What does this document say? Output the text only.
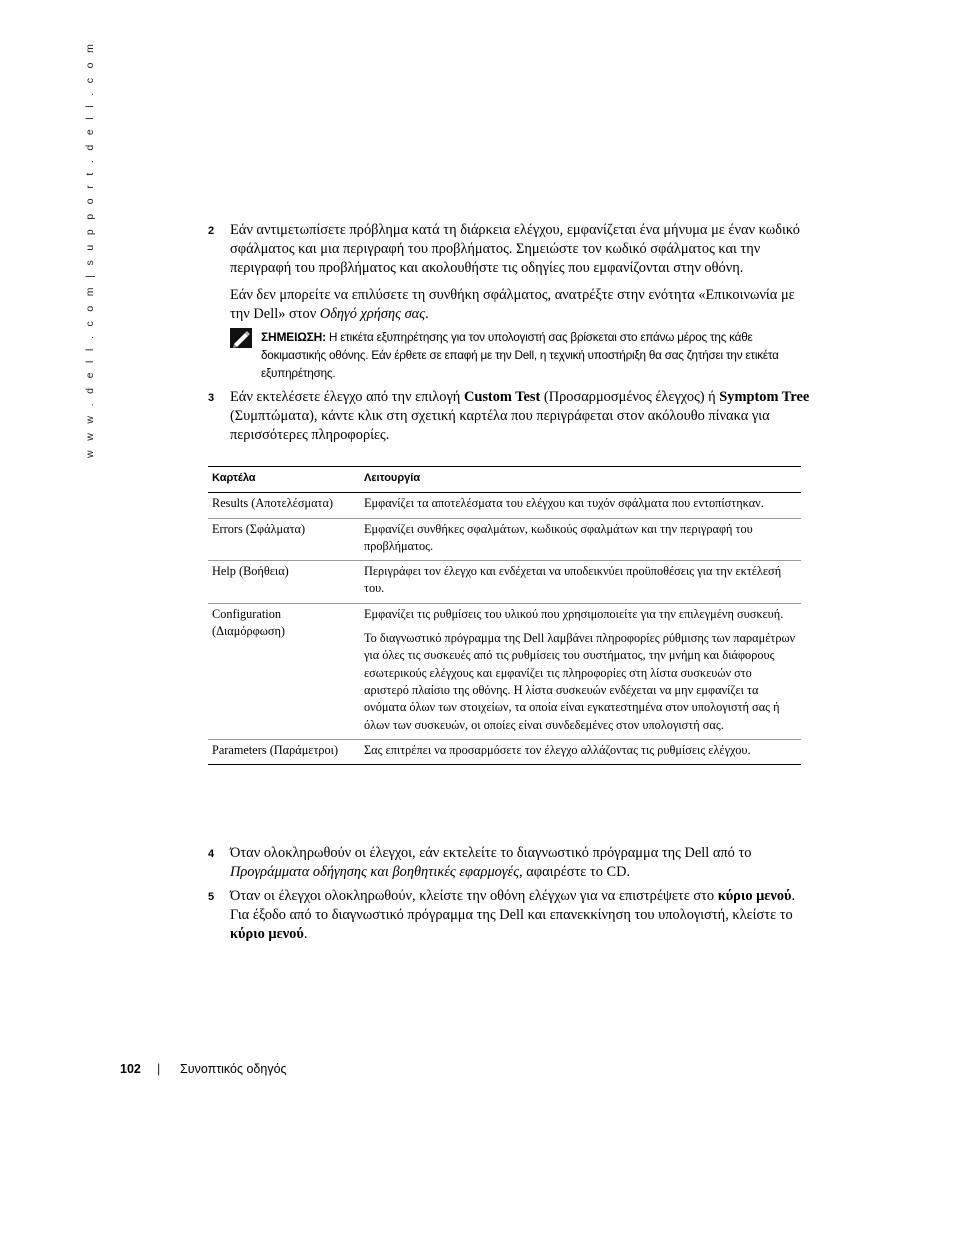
w w w . d e l l . c o m | s u p p o r t . d e l l . c o m	2 Εάν αντιμετωπίσετε πρόβλημα κατά τη διάρκεια ελέγχου, εμφανίζεται ένα μήνυμα με έναν κωδικό σφάλματος και μια περιγραφή του προβλήματος. Σημειώστε τον κωδικό σφάλματος και την περιγραφή του προβλήματος και ακολουθήστε τις οδηγίες που εμφανίζονται στην οθόνη.

Εάν δεν μπορείτε να επιλύσετε τη συνθήκη σφάλματος, ανατρέξτε στην ενότητα «Επικοινωνία με την Dell» στον Οδηγό χρήσης σας.

ΣΗΜΕΙΩΣΗ: Η ετικέτα εξυπηρέτησης για τον υπολογιστή σας βρίσκεται στο επάνω μέρος της κάθε δοκιμαστικής οθόνης. Εάν έρθετε σε επαφή με την Dell, η τεχνική υποστήριξη θα σας ζητήσει την ετικέτα εξυπηρέτησης.
3 Εάν εκτελέσετε έλεγχο από την επιλογή Custom Test (Προσαρμοσμένος έλεγχος) ή Symptom Tree (Συμπτώματα), κάντε κλικ στη σχετική καρτέλα που περιγράφεται στον ακόλουθο πίνακα για περισσότερες πληροφορίες.

Καρτέλα	Λειτουργία
Results (Αποτελέσματα)	Εμφανίζει τα αποτελέσματα του ελέγχου και τυχόν σφάλματα που εντοπίστηκαν.
Errors (Σφάλματα)	Εμφανίζει συνθήκες σφαλμάτων, κωδικούς σφαλμάτων και την περιγραφή του προβλήματος.
Help (Βοήθεια)	Περιγράφει τον έλεγχο και ενδέχεται να υποδεικνύει προϋποθέσεις για την εκτέλεσή του.
Configuration (Διαμόρφωση)	Εμφανίζει τις ρυθμίσεις του υλικού που χρησιμοποιείτε για την επιλεγμένη συσκευή.

Το διαγνωστικό πρόγραμμα της Dell λαμβάνει πληροφορίες ρύθμισης των παραμέτρων για όλες τις συσκευές από τις ρυθμίσεις του συστήματος, την μνήμη και διάφορους εσωτερικούς ελέγχους και εμφανίζει τις πληροφορίες στη λίστα συσκευών στο αριστερό πλαίσιο της οθόνης. Η λίστα συσκευών ενδέχεται να μην εμφανίζει τα ονόματα όλων των στοιχείων, τα οποία είναι εγκατεστημένα στον υπολογιστή σας ή όλων των συσκευών, οι οποίες είναι συνδεδεμένες στον υπολογιστή σας.

Parameters (Παράμετροι)	Σας επιτρέπει να προσαρμόσετε τον έλεγχο αλλάζοντας τις ρυθμίσεις ελέγχου.
4 Όταν ολοκληρωθούν οι έλεγχοι, εάν εκτελείτε το διαγνωστικό πρόγραμμα της Dell από το Προγράμματα οδήγησης και βοηθητικές εφαρμογές, αφαιρέστε το CD.

5 Όταν οι έλεγχοι ολοκληρωθούν, κλείστε την οθόνη ελέγχων για να επιστρέψετε στο κύριο μενού. Για έξοδο από το διαγνωστικό πρόγραμμα της Dell και επανεκκίνηση του υπολογιστή, κλείστε το κύριο μενού.

102 | Συνοπτικός οδηγός
